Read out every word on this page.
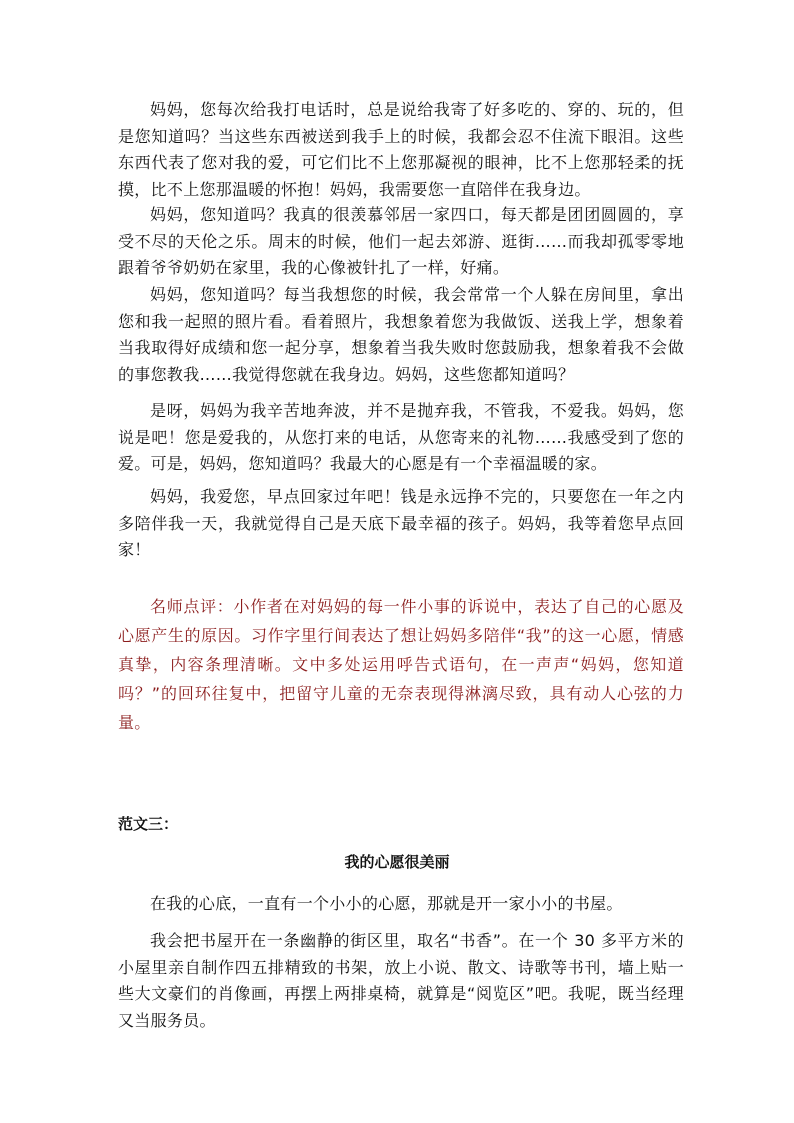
妈妈，您每次给我打电话时，总是说给我寄了好多吃的、穿的、玩的，但是您知道吗？当这些东西被送到我手上的时候，我都会忍不住流下眼泪。这些东西代表了您对我的爱，可它们比不上您那凝视的眼神，比不上您那轻柔的抚摸，比不上您那温暖的怀抱！妈妈，我需要您一直陪伴在我身边。

妈妈，您知道吗？我真的很羡慕邻居一家四口，每天都是团团圆圆的，享受不尽的天伦之乐。周末的时候，他们一起去郊游、逛街……而我却孤零零地跟着爷爷奶奶在家里，我的心像被针扎了一样，好痛。

妈妈，您知道吗？每当我想您的时候，我会常常一个人躲在房间里，拿出您和我一起照的照片看。看着照片，我想象着您为我做饭、送我上学，想象着当我取得好成绩和您一起分享，想象着当我失败时您鼓励我，想象着我不会做的事您教我……我觉得您就在我身边。妈妈，这些您都知道吗？

是呀，妈妈为我辛苦地奔波，并不是抛弃我，不管我，不爱我。妈妈，您说是吧！您是爱我的，从您打来的电话，从您寄来的礼物……我感受到了您的爱。可是，妈妈，您知道吗？我最大的心愿是有一个幸福温暖的家。

妈妈，我爱您，早点回家过年吧！钱是永远挣不完的，只要您在一年之内多陪伴我一天，我就觉得自己是天底下最幸福的孩子。妈妈，我等着您早点回家！

名师点评：小作者在对妈妈的每一件小事的诉说中，表达了自己的心愿及心愿产生的原因。习作字里行间表达了想让妈妈多陪伴“我”的这一心愿，情感真挚，内容条理清晰。文中多处运用呼告式语句，在一声声“妈妈，您知道吗？”的回环往复中，把留守儿童的无奈表现得淋漓尽致，具有动人心弦的力量。

范文三：

我的心愿很美丽

在我的心底，一直有一个小小的心愿，那就是开一家小小的书屋。

我会把书屋开在一条幽静的街区里，取名“书香”。在一个 30 多平方米的小屋里亲自制作四五排精致的书架，放上小说、散文、诗歌等书刊，墙上贴一些大文豪们的肖像画，再摆上两排桌椅，就算是“阅览区”吧。我呢，既当经理又当服务员。
